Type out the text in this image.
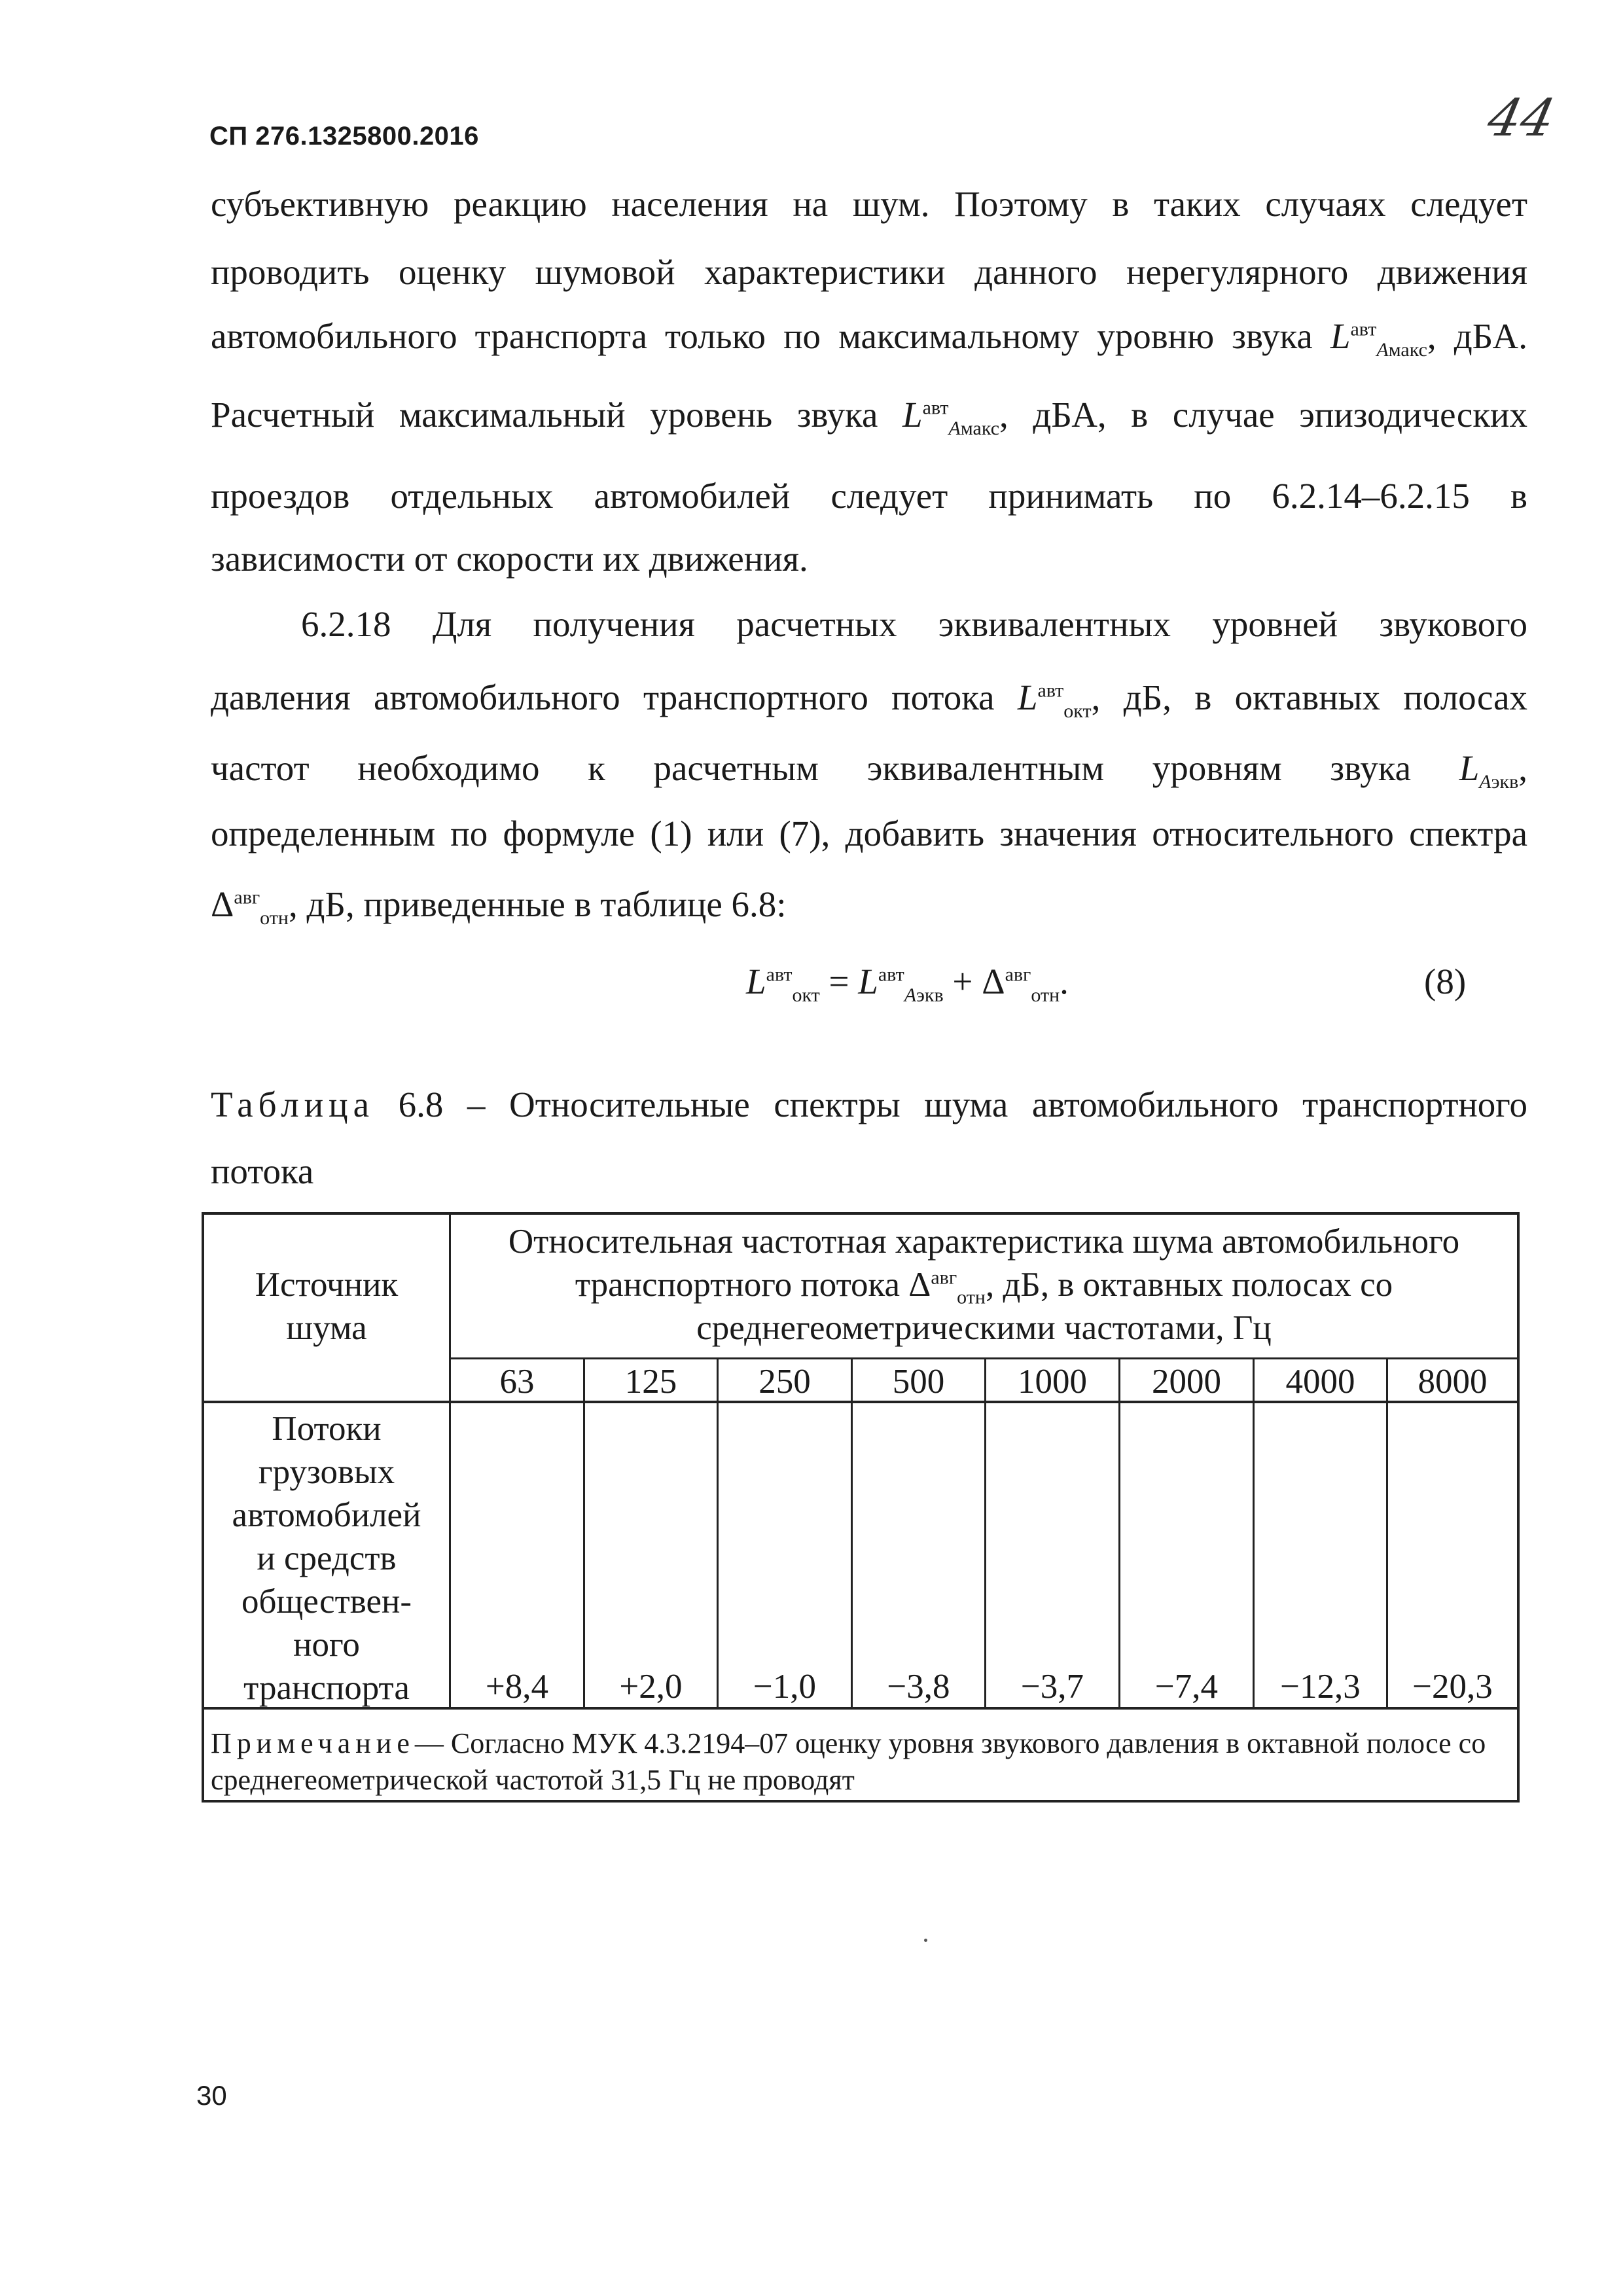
СП 276.1325800.2016	44
субъективную реакцию населения на шум. Поэтому в таких случаях следует
проводить оценку шумовой характеристики данного нерегулярного движения
автомобильного транспорта только по максимальному уровню звука $L^{авт}_{Aмакс}$, дБА.
Расчетный максимальный уровень звука $L^{авт}_{Aмакс}$, дБА, в случае эпизодических
проездов отдельных автомобилей следует принимать по 6.2.14–6.2.15 в
зависимости от скорости их движения.
6.2.18 Для получения расчетных эквивалентных уровней звукового
давления автомобильного транспортного потока $L^{авт}_{окт}$, дБ, в октавных полосах
частот необходимо к расчетным эквивалентным уровням звука $L_{Aэкв}$,
определенным по формуле (1) или (7), добавить значения относительного спектра
$\Delta^{авг}_{отн}$, дБ, приведенные в таблице 6.8:
$L^{авт}_{окт} = L^{авт}_{Aэкв} + \Delta^{авг}_{отн}$.	(8)
Таблица 6.8 – Относительные спектры шума автомобильного транспортного
потока
Источник
шума
Относительная частотная характеристика шума автомобильного
транспортного потока $\Delta^{авг}_{отн}$, дБ, в октавных полосах со
среднегеометрическими частотами, Гц
63	125	250	500	1000	2000	4000	8000
Потоки
грузовых
автомобилей
и средств
обществен-
ного
транспорта	+8,4	+2,0	−1,0	−3,8	−3,7	−7,4	−12,3	−20,3
Примечание— Согласно МУК 4.3.2194–07 оценку уровня звукового давления в октавной полосе со среднегеометрической частотой 31,5 Гц не проводят
30
